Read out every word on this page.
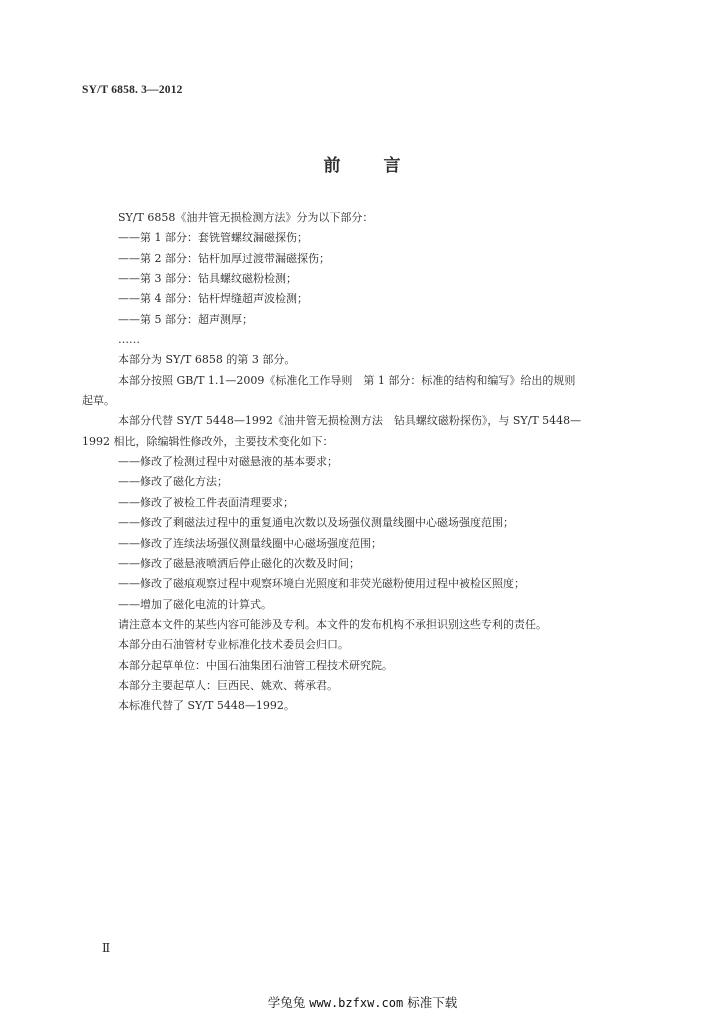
SY/T 6858. 3—2012
前 言
SY/T 6858《油井管无损检测方法》分为以下部分：
——第 1 部分：套铣管螺纹漏磁探伤；
——第 2 部分：钻杆加厚过渡带漏磁探伤；
——第 3 部分：钻具螺纹磁粉检测；
——第 4 部分：钻杆焊缝超声波检测；
——第 5 部分：超声测厚；
……
本部分为 SY/T 6858 的第 3 部分。
本部分按照 GB/T 1.1—2009《标准化工作导则　第 1 部分：标准的结构和编写》给出的规则
起草。
本部分代替 SY/T 5448—1992《油井管无损检测方法　钻具螺纹磁粉探伤》，与 SY/T 5448—
1992 相比，除编辑性修改外，主要技术变化如下：
——修改了检测过程中对磁悬液的基本要求；
——修改了磁化方法；
——修改了被检工件表面清理要求；
——修改了剩磁法过程中的重复通电次数以及场强仪测量线圈中心磁场强度范围；
——修改了连续法场强仪测量线圈中心磁场强度范围；
——修改了磁悬液喷洒后停止磁化的次数及时间；
——修改了磁痕观察过程中观察环境白光照度和非荧光磁粉使用过程中被检区照度；
——增加了磁化电流的计算式。
请注意本文件的某些内容可能涉及专利。本文件的发布机构不承担识别这些专利的责任。
本部分由石油管材专业标准化技术委员会归口。
本部分起草单位：中国石油集团石油管工程技术研究院。
本部分主要起草人：巨西民、姚欢、蒋承君。
本标准代替了 SY/T 5448—1992。
Ⅱ
学兔兔 www.bzfxw.com 标准下载
